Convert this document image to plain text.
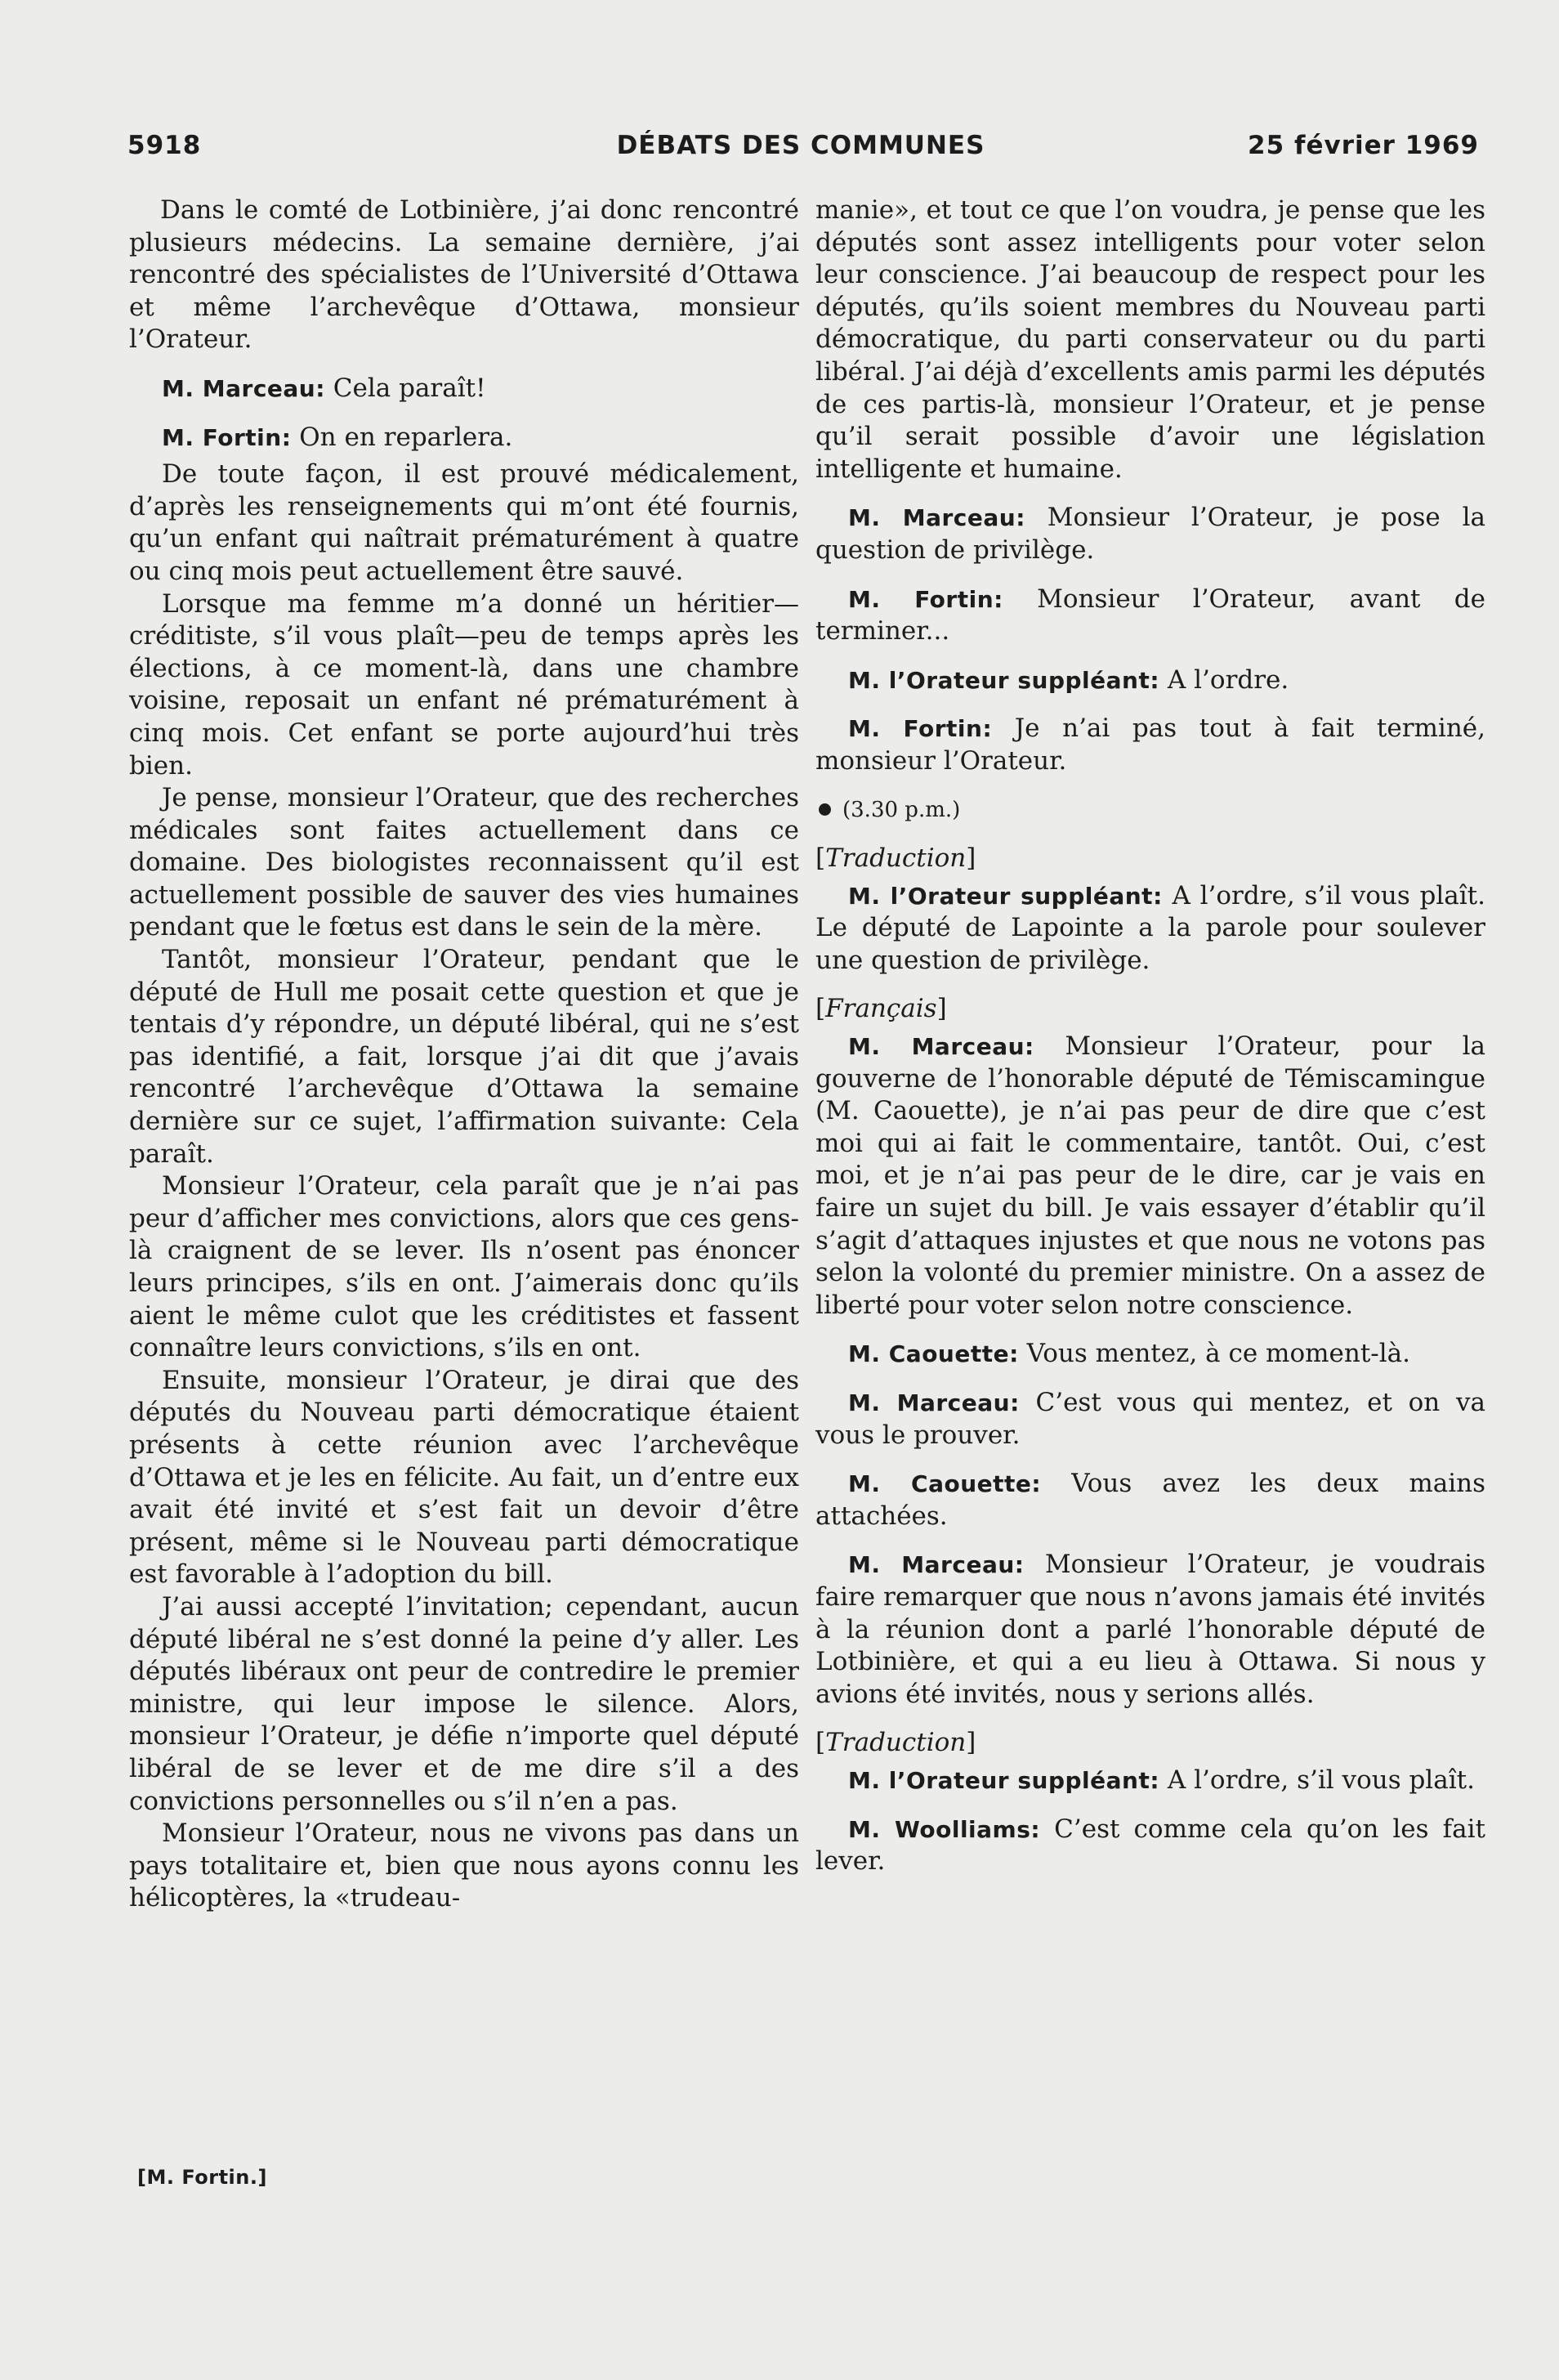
5918	DÉBATS DES COMMUNES	25 février 1969

Dans le comté de Lotbinière, j’ai donc rencontré plusieurs médecins. La semaine dernière, j’ai rencontré des spécialistes de l’Université d’Ottawa et même l’archevêque d’Ottawa, monsieur l’Orateur.

M. Marceau: Cela paraît!

M. Fortin: On en reparlera.

De toute façon, il est prouvé médicalement, d’après les renseignements qui m’ont été fournis, qu’un enfant qui naîtrait prématurément à quatre ou cinq mois peut actuellement être sauvé.

Lorsque ma femme m’a donné un héritier—créditiste, s’il vous plaît—peu de temps après les élections, à ce moment-là, dans une chambre voisine, reposait un enfant né prématurément à cinq mois. Cet enfant se porte aujourd’hui très bien.

Je pense, monsieur l’Orateur, que des recherches médicales sont faites actuellement dans ce domaine. Des biologistes reconnaissent qu’il est actuellement possible de sauver des vies humaines pendant que le fœtus est dans le sein de la mère.

Tantôt, monsieur l’Orateur, pendant que le député de Hull me posait cette question et que je tentais d’y répondre, un député libéral, qui ne s’est pas identifié, a fait, lorsque j’ai dit que j’avais rencontré l’archevêque d’Ottawa la semaine dernière sur ce sujet, l’affirmation suivante: Cela paraît.

Monsieur l’Orateur, cela paraît que je n’ai pas peur d’afficher mes convictions, alors que ces gens-là craignent de se lever. Ils n’osent pas énoncer leurs principes, s’ils en ont. J’aimerais donc qu’ils aient le même culot que les créditistes et fassent connaître leurs convictions, s’ils en ont.

Ensuite, monsieur l’Orateur, je dirai que des députés du Nouveau parti démocratique étaient présents à cette réunion avec l’archevêque d’Ottawa et je les en félicite. Au fait, un d’entre eux avait été invité et s’est fait un devoir d’être présent, même si le Nouveau parti démocratique est favorable à l’adoption du bill.

J’ai aussi accepté l’invitation; cependant, aucun député libéral ne s’est donné la peine d’y aller. Les députés libéraux ont peur de contredire le premier ministre, qui leur impose le silence. Alors, monsieur l’Orateur, je défie n’importe quel député libéral de se lever et de me dire s’il a des convictions personnelles ou s’il n’en a pas.

Monsieur l’Orateur, nous ne vivons pas dans un pays totalitaire et, bien que nous ayons connu les hélicoptères, la «trudeau-

manie», et tout ce que l’on voudra, je pense que les députés sont assez intelligents pour voter selon leur conscience. J’ai beaucoup de respect pour les députés, qu’ils soient membres du Nouveau parti démocratique, du parti conservateur ou du parti libéral. J’ai déjà d’excellents amis parmi les députés de ces partis-là, monsieur l’Orateur, et je pense qu’il serait possible d’avoir une législation intelligente et humaine.

M. Marceau: Monsieur l’Orateur, je pose la question de privilège.

M. Fortin: Monsieur l’Orateur, avant de terminer...

M. l’Orateur suppléant: A l’ordre.

M. Fortin: Je n’ai pas tout à fait terminé, monsieur l’Orateur.

(3.30 p.m.)

[Traduction]

M. l’Orateur suppléant: A l’ordre, s’il vous plaît. Le député de Lapointe a la parole pour soulever une question de privilège.

[Français]

M. Marceau: Monsieur l’Orateur, pour la gouverne de l’honorable député de Témiscamingue (M. Caouette), je n’ai pas peur de dire que c’est moi qui ai fait le commentaire, tantôt. Oui, c’est moi, et je n’ai pas peur de le dire, car je vais en faire un sujet du bill. Je vais essayer d’établir qu’il s’agit d’attaques injustes et que nous ne votons pas selon la volonté du premier ministre. On a assez de liberté pour voter selon notre conscience.

M. Caouette: Vous mentez, à ce moment-là.

M. Marceau: C’est vous qui mentez, et on va vous le prouver.

M. Caouette: Vous avez les deux mains attachées.

M. Marceau: Monsieur l’Orateur, je voudrais faire remarquer que nous n’avons jamais été invités à la réunion dont a parlé l’honorable député de Lotbinière, et qui a eu lieu à Ottawa. Si nous y avions été invités, nous y serions allés.

[Traduction]

M. l’Orateur suppléant: A l’ordre, s’il vous plaît.

M. Woolliams: C’est comme cela qu’on les fait lever.

[M. Fortin.]
